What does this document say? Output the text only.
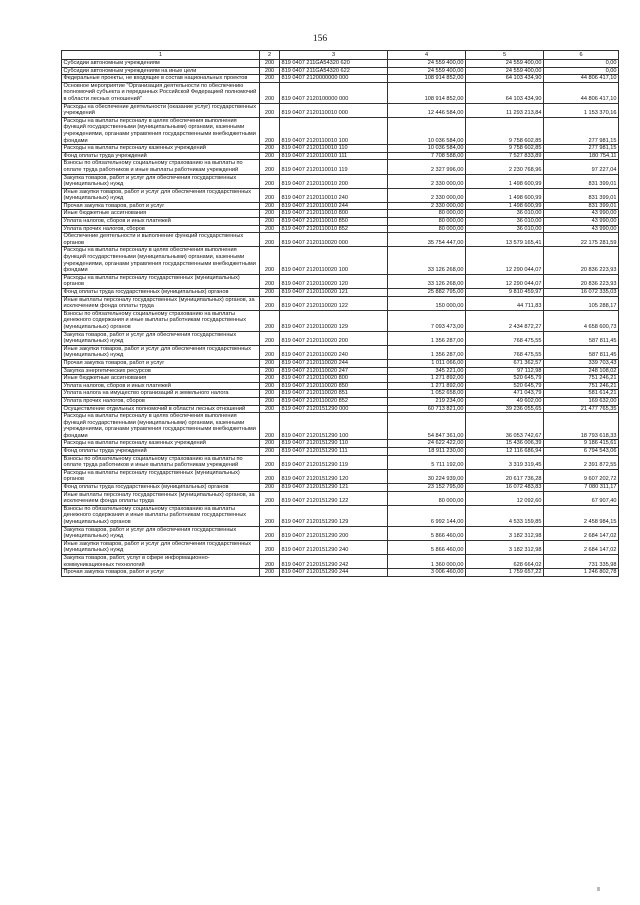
156
1	2	3	4	5	6
Субсидии автономным учреждениям	200	819 0407 211GA54320 620	24 559 400,00	24 559 400,00	0,00
Субсидии автономным учреждениям на иные цели	200	819 0407 211GA54320 622	24 559 400,00	24 559 400,00	0,00
Федеральные проекты, не входящие в состав национальных проектов	200	819 0407 2120000000 000	108 914 852,00	64 103 434,90	44 806 417,10
Основное мероприятие "Организация деятельности по обеспечению полномочий субъекта и переданных Российской Федерацией полномочий в области лесных отношений"	200	819 0407 2120100000 000	108 914 852,00	64 103 434,90	44 806 417,10
Расходы на обеспечение деятельности (оказание услуг) государственных учреждений	200	819 0407 2120110010 000	12 446 584,00	11 293 213,84	1 153 370,16
Расходы на выплаты персоналу в целях обеспечения выполнения функций государственными (муниципальными) органами, казенными учреждениями, органами управления государственными внебюджетными фондами	200	819 0407 2120110010 100	10 036 584,00	9 758 602,85	277 981,15
Расходы на выплаты персоналу казенных учреждений	200	819 0407 2120110010 110	10 036 584,00	9 758 602,85	277 981,15
Фонд оплаты труда учреждений	200	819 0407 2120110010 111	7 708 588,00	7 527 833,89	180 754,11
Взносы по обязательному социальному страхованию на выплаты по оплате труда работников и иные выплаты работникам учреждений	200	819 0407 2120110010 119	2 327 996,00	2 230 768,96	97 227,04
Закупка товаров, работ и услуг для обеспечения государственных (муниципальных) нужд	200	819 0407 2120110010 200	2 330 000,00	1 498 600,99	831 399,01
Иные закупки товаров, работ и услуг для обеспечения государственных (муниципальных) нужд	200	819 0407 2120110010 240	2 330 000,00	1 498 600,99	831 399,01
Прочая закупка товаров, работ и услуг	200	819 0407 2120110010 244	2 330 000,00	1 498 600,99	831 399,01
Иные бюджетные ассигнования	200	819 0407 2120110010 800	80 000,00	36 010,00	43 990,00
Уплата налогов, сборов и иных платежей	200	819 0407 2120110010 850	80 000,00	36 010,00	43 990,00
Уплата прочих налогов, сборов	200	819 0407 2120110010 852	80 000,00	36 010,00	43 990,00
Обеспечение деятельности и выполнение функций государственных органов	200	819 0407 2120110020 000	35 754 447,00	13 579 165,41	22 175 281,59
Расходы на выплаты персоналу в целях обеспечения выполнения функций государственными (муниципальными) органами, казенными учреждениями, органами управления государственными внебюджетными фондами	200	819 0407 2120110020 100	33 126 268,00	12 290 044,07	20 836 223,93
Расходы на выплаты персоналу государственных (муниципальных) органов	200	819 0407 2120110020 120	33 126 268,00	12 290 044,07	20 836 223,93
Фонд оплаты труда государственных (муниципальных) органов	200	819 0407 2120110020 121	25 882 795,00	9 810 459,97	16 072 335,03
Иные выплаты персоналу государственных (муниципальных) органов, за исключением фонда оплаты труда	200	819 0407 2120110020 122	150 000,00	44 711,83	105 288,17
Взносы по обязательному социальному страхованию на выплаты денежного содержания и иные выплаты работникам государственных (муниципальных) органов	200	819 0407 2120110020 129	7 093 473,00	2 434 872,27	4 658 600,73
Закупка товаров, работ и услуг для обеспечения государственных (муниципальных) нужд	200	819 0407 2120110020 200	1 356 287,00	768 475,55	587 811,45
Иные закупки товаров, работ и услуг для обеспечения государственных (муниципальных) нужд	200	819 0407 2120110020 240	1 356 287,00	768 475,55	587 811,45
Прочая закупка товаров, работ и услуг	200	819 0407 2120110020 244	1 011 066,00	671 362,57	339 703,43
Закупка энергетических ресурсов	200	819 0407 2120110020 247	345 221,00	97 112,98	248 108,02
Иные бюджетные ассигнования	200	819 0407 2120110020 800	1 271 892,00	520 645,79	751 246,21
Уплата налогов, сборов и иных платежей	200	819 0407 2120110020 850	1 271 892,00	520 645,79	751 246,21
Уплата налога на имущество организаций и земельного налога	200	819 0407 2120110020 851	1 052 658,00	471 043,79	581 614,21
Уплата прочих налогов, сборов	200	819 0407 2120110020 852	219 234,00	49 602,00	169 632,00
Осуществление отдельных полномочий в области лесных отношений	200	819 0407 2120151290 000	60 713 821,00	39 236 055,65	21 477 765,35
Расходы на выплаты персоналу в целях обеспечения выполнения функций государственными (муниципальными) органами, казенными учреждениями, органами управления государственными внебюджетными фондами	200	819 0407 2120151290 100	54 847 361,00	36 053 742,67	18 793 618,33
Расходы на выплаты персоналу казенных учреждений	200	819 0407 2120151290 110	24 622 422,00	15 436 006,39	9 186 415,61
Фонд оплаты труда учреждений	200	819 0407 2120151290 111	18 911 230,00	12 116 686,94	6 794 543,06
Взносы по обязательному социальному страхованию на выплаты по оплате труда работников и иные выплаты работникам учреждений	200	819 0407 2120151290 119	5 711 192,00	3 319 319,45	2 391 872,55
Расходы на выплаты персоналу государственных (муниципальных) органов	200	819 0407 2120151290 120	30 224 939,00	20 617 736,28	9 607 202,72
Фонд оплаты труда государственных (муниципальных) органов	200	819 0407 2120151290 121	23 152 795,00	16 072 483,83	7 080 311,17
Иные выплаты персоналу государственных (муниципальных) органов, за исключением фонда оплаты труда	200	819 0407 2120151290 122	80 000,00	12 092,60	67 907,40
Взносы по обязательному социальному страхованию на выплаты денежного содержания и иные выплаты работникам государственных (муниципальных) органов	200	819 0407 2120151290 129	6 992 144,00	4 533 159,85	2 458 984,15
Закупка товаров, работ и услуг для обеспечения государственных (муниципальных) нужд	200	819 0407 2120151290 200	5 866 460,00	3 182 312,98	2 684 147,02
Иные закупки товаров, работ и услуг для обеспечения государственных (муниципальных) нужд	200	819 0407 2120151290 240	5 866 460,00	3 182 312,98	2 684 147,02
Закупка товаров, работ, услуг в сфере информационно-коммуникационных технологий	200	819 0407 2120151290 242	1 360 000,00	628 664,02	731 335,98
Прочая закупка товаров, работ и услуг	200	819 0407 2120151290 244	3 006 460,00	1 759 657,22	1 246 802,78
